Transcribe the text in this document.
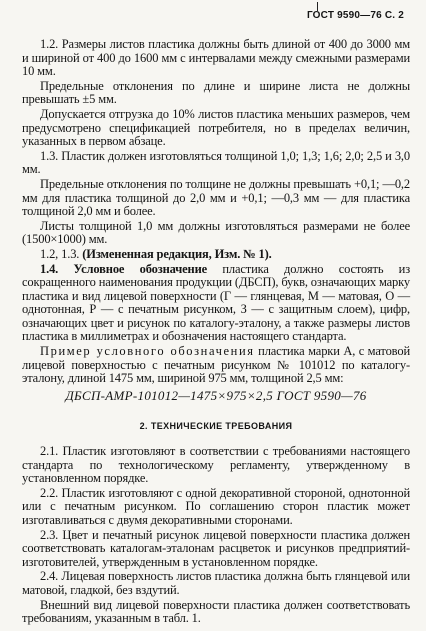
ГОСТ 9590—76 С. 2

1.2. Размеры листов пластика должны быть длиной от 400 до 3000 мм и шириной от 400 до 1600 мм с интервалами между смежными размерами 10 мм.

Предельные отклонения по длине и ширине листа не должны превышать ±5 мм.

Допускается отгрузка до 10% листов пластика меньших размеров, чем предусмотрено спецификацией потребителя, но в пределах величин, указанных в первом абзаце.

1.3. Пластик должен изготовляться толщиной 1,0; 1,3; 1,6; 2,0; 2,5 и 3,0 мм.

Предельные отклонения по толщине не должны превышать +0,1; —0,2 мм для пластика толщиной до 2,0 мм и +0,1; —0,3 мм — для пластика толщиной 2,0 мм и более.

Листы толщиной 1,0 мм должны изготовляться размерами не более (1500×1000) мм.

1.2, 1.3. (Измененная редакция, Изм. № 1).

1.4. Условное обозначение пластика должно состоять из сокращенного наименования продукции (ДБСП), букв, означающих марку пластика и вид лицевой поверхности (Г — глянцевая, М — матовая, О — однотонная, Р — с печатным рисунком, З — с защитным слоем), цифр, означающих цвет и рисунок по каталогу-эталону, а также размеры листов пластика в миллиметрах и обозначения настоящего стандарта.

Пример условного обозначения пластика марки А, с матовой лицевой поверхностью с печатным рисунком № 101012 по каталогу-эталону, длиной 1475 мм, шириной 975 мм, толщиной 2,5 мм:

ДБСП-АМР-101012—1475×975×2,5 ГОСТ 9590—76

2. ТЕХНИЧЕСКИЕ ТРЕБОВАНИЯ

2.1. Пластик изготовляют в соответствии с требованиями настоящего стандарта по технологическому регламенту, утвержденному в установленном порядке.

2.2. Пластик изготовляют с одной декоративной стороной, однотонной или с печатным рисунком. По соглашению сторон пластик может изготавливаться с двумя декоративными сторонами.

2.3. Цвет и печатный рисунок лицевой поверхности пластика должен соответствовать каталогам-эталонам расцветок и рисунков предприятий-изготовителей, утвержденным в установленном порядке.

2.4. Лицевая поверхность листов пластика должна быть глянцевой или матовой, гладкой, без вздутий.

Внешний вид лицевой поверхности пластика должен соответствовать требованиям, указанным в табл. 1.
